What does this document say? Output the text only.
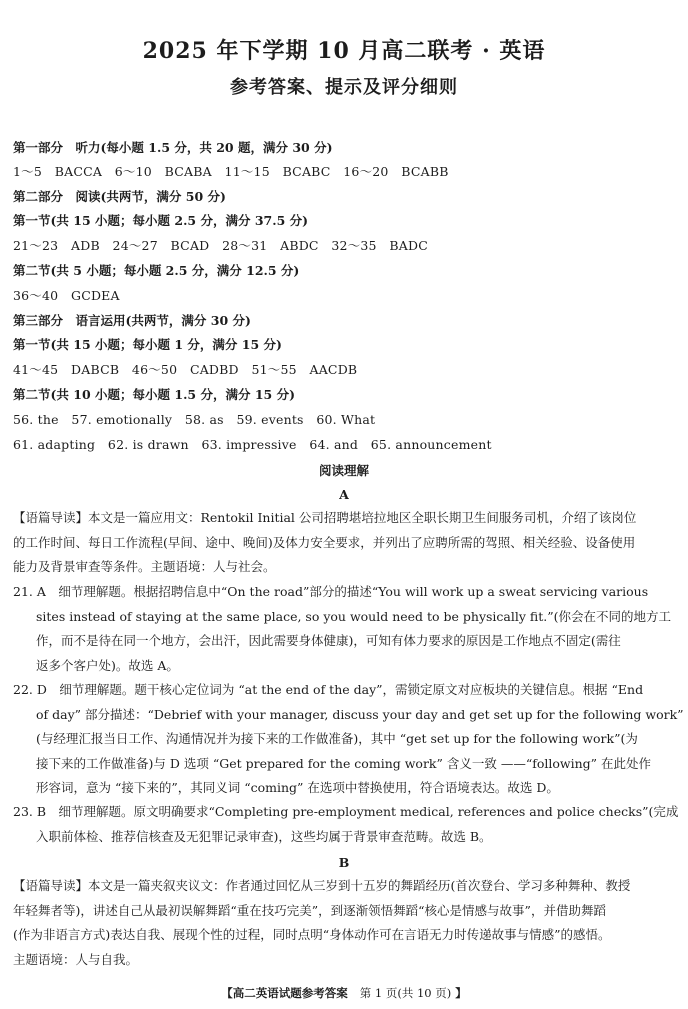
2025 年下学期 10 月高二联考 · 英语
参考答案、提示及评分细则
第一部分　听力(每小题 1.5 分，共 20 题，满分 30 分)
1～5　BACCA　6～10　BCABA　11～15　BCABC　16～20　BCABB
第二部分　阅读(共两节，满分 50 分)
第一节(共 15 小题；每小题 2.5 分，满分 37.5 分)
21～23　ADB　24～27　BCAD　28～31　ABDC　32～35　BADC
第二节(共 5 小题；每小题 2.5 分，满分 12.5 分)
36～40　GCDEA
第三部分　语言运用(共两节，满分 30 分)
第一节(共 15 小题；每小题 1 分，满分 15 分)
41～45　DABCB　46～50　CADBD　51～55　AACDB
第二节(共 10 小题；每小题 1.5 分，满分 15 分)
56. the　57. emotionally　58. as　59. events　60. What
61. adapting　62. is drawn　63. impressive　64. and　65. announcement
阅读理解
A
【语篇导读】本文是一篇应用文：Rentokil Initial 公司招聘堪培拉地区全职长期卫生间服务司机，介绍了该岗位
的工作时间、每日工作流程(早间、途中、晚间)及体力安全要求，并列出了应聘所需的驾照、相关经验、设备使用
能力及背景审查等条件。主题语境：人与社会。
21. A　细节理解题。根据招聘信息中“On the road”部分的描述“You will work up a sweat servicing various
sites instead of staying at the same place, so you would need to be physically fit.”(你会在不同的地方工
作，而不是待在同一个地方，会出汗，因此需要身体健康)，可知有体力要求的原因是工作地点不固定(需往
返多个客户处)。故选 A。
22. D　细节理解题。题干核心定位词为 “at the end of the day”，需锁定原文对应板块的关键信息。根据 “End
of day” 部分描述：“Debrief with your manager, discuss your day and get set up for the following work”
(与经理汇报当日工作、沟通情况并为接下来的工作做准备)，其中 “get set up for the following work”(为
接下来的工作做准备)与 D 选项 “Get prepared for the coming work” 含义一致 ——“following” 在此处作
形容词，意为 “接下来的”，其同义词 “coming” 在选项中替换使用，符合语境表达。故选 D。
23. B　细节理解题。原文明确要求“Completing pre-employment medical, references and police checks”(完成
入职前体检、推荐信核查及无犯罪记录审查)，这些均属于背景审查范畴。故选 B。
B
【语篇导读】本文是一篇夹叙夹议文：作者通过回忆从三岁到十五岁的舞蹈经历(首次登台、学习多种舞种、教授
年轻舞者等)，讲述自己从最初误解舞蹈“重在技巧完美”，到逐渐领悟舞蹈“核心是情感与故事”，并借助舞蹈
(作为非语言方式)表达自我、展现个性的过程，同时点明“身体动作可在言语无力时传递故事与情感”的感悟。
主题语境：人与自我。
【高二英语试题参考答案 第 1 页(共 10 页) 】
